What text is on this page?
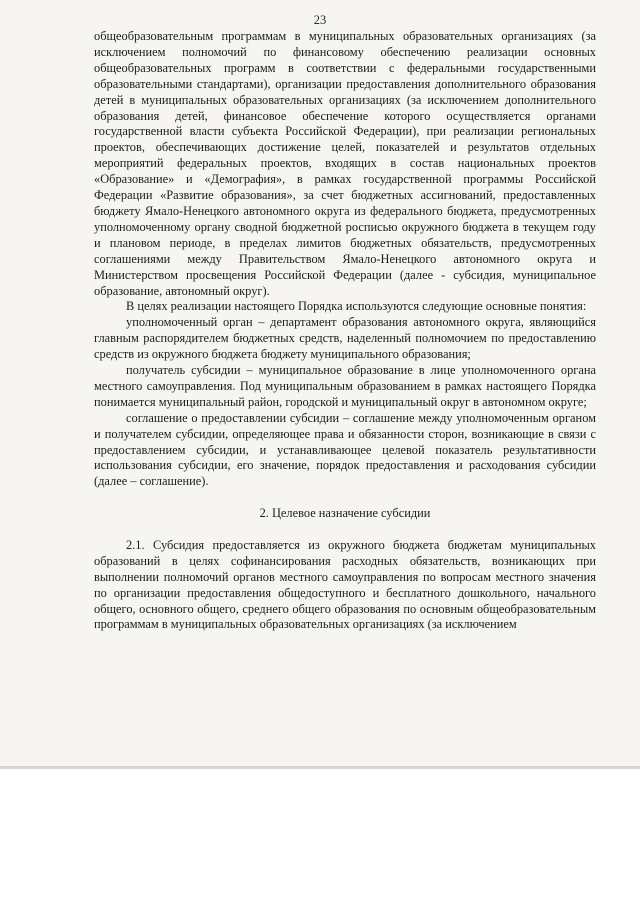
23

общеобразовательным программам в муниципальных образовательных организациях (за исключением полномочий по финансовому обеспечению реализации основных общеобразовательных программ в соответствии с федеральными государственными образовательными стандартами), организации предоставления дополнительного образования детей в муниципальных образовательных организациях (за исключением дополнительного образования детей, финансовое обеспечение которого осуществляется органами государственной власти субъекта Российской Федерации), при реализации региональных проектов, обеспечивающих достижение целей, показателей и результатов отдельных мероприятий федеральных проектов, входящих в состав национальных проектов «Образование» и «Демография», в рамках государственной программы Российской Федерации «Развитие образования», за счет бюджетных ассигнований, предоставленных бюджету Ямало-Ненецкого автономного округа из федерального бюджета, предусмотренных уполномоченному органу сводной бюджетной росписью окружного бюджета в текущем году и плановом периоде, в пределах лимитов бюджетных обязательств, предусмотренных соглашениями между Правительством Ямало-Ненецкого автономного округа и Министерством просвещения Российской Федерации (далее - субсидия, муниципальное образование, автономный округ).

В целях реализации настоящего Порядка используются следующие основные понятия:

уполномоченный орган – департамент образования автономного округа, являющийся главным распорядителем бюджетных средств, наделенный полномочием по предоставлению средств из окружного бюджета бюджету муниципального образования;

получатель субсидии – муниципальное образование в лице уполномоченного органа местного самоуправления. Под муниципальным образованием в рамках настоящего Порядка понимается муниципальный район, городской и муниципальный округ в автономном округе;

соглашение о предоставлении субсидии – соглашение между уполномоченным органом и получателем субсидии, определяющее права и обязанности сторон, возникающие в связи с предоставлением субсидии, и устанавливающее целевой показатель результативности использования субсидии, его значение, порядок предоставления и расходования субсидии (далее – соглашение).

2. Целевое назначение субсидии

2.1. Субсидия предоставляется из окружного бюджета бюджетам муниципальных образований в целях софинансирования расходных обязательств, возникающих при выполнении полномочий органов местного самоуправления по вопросам местного значения по организации предоставления общедоступного и бесплатного дошкольного, начального общего, основного общего, среднего общего образования по основным общеобразовательным программам в муниципальных образовательных организациях (за исключением
